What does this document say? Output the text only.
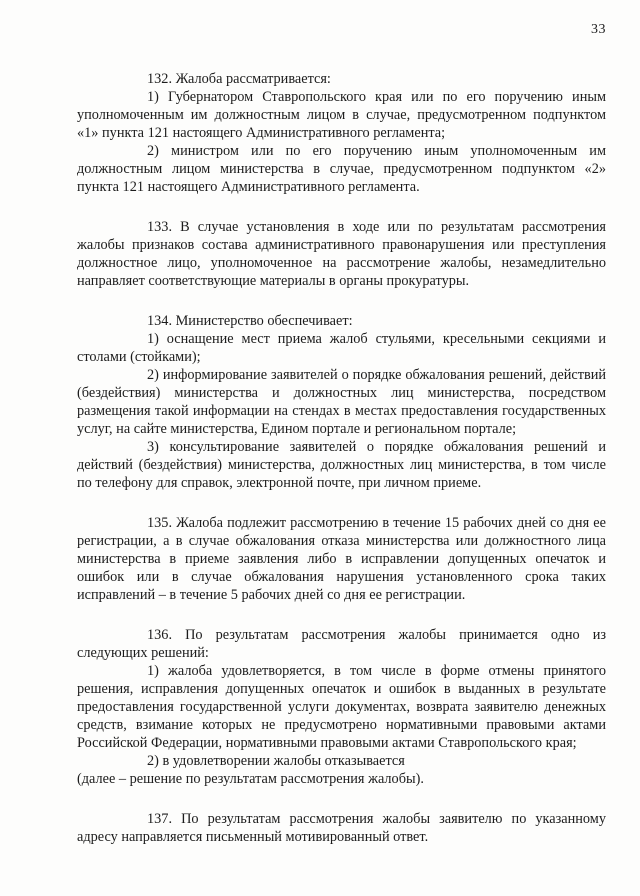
33

132. Жалоба рассматривается:

1) Губернатором Ставропольского края или по его поручению иным уполномоченным им должностным лицом в случае, предусмотренном подпунктом «1» пункта 121 настоящего Административного регламента;

2) министром или по его поручению иным уполномоченным им должностным лицом министерства в случае, предусмотренном подпунктом «2» пункта 121 настоящего Административного регламента.

133. В случае установления в ходе или по результатам рассмотрения жалобы признаков состава административного правонарушения или преступления должностное лицо, уполномоченное на рассмотрение жалобы, незамедлительно направляет соответствующие материалы в органы прокуратуры.

134. Министерство обеспечивает:

1) оснащение мест приема жалоб стульями, кресельными секциями и столами (стойками);

2) информирование заявителей о порядке обжалования решений, действий (бездействия) министерства и должностных лиц министерства, посредством размещения такой информации на стендах в местах предоставления государственных услуг, на сайте министерства, Едином портале и региональном портале;

3) консультирование заявителей о порядке обжалования решений и действий (бездействия) министерства, должностных лиц министерства, в том числе по телефону для справок, электронной почте, при личном приеме.

135. Жалоба подлежит рассмотрению в течение 15 рабочих дней со дня ее регистрации, а в случае обжалования отказа министерства или должностного лица министерства в приеме заявления либо в исправлении допущенных опечаток и ошибок или в случае обжалования нарушения установленного срока таких исправлений – в течение 5 рабочих дней со дня ее регистрации.

136. По результатам рассмотрения жалобы принимается одно из следующих решений:

1) жалоба удовлетворяется, в том числе в форме отмены принятого решения, исправления допущенных опечаток и ошибок в выданных в результате предоставления государственной услуги документах, возврата заявителю денежных средств, взимание которых не предусмотрено нормативными правовыми актами Российской Федерации, нормативными правовыми актами Ставропольского края;

2) в удовлетворении жалобы отказывается

(далее – решение по результатам рассмотрения жалобы).

137. По результатам рассмотрения жалобы заявителю по указанному адресу направляется письменный мотивированный ответ.
